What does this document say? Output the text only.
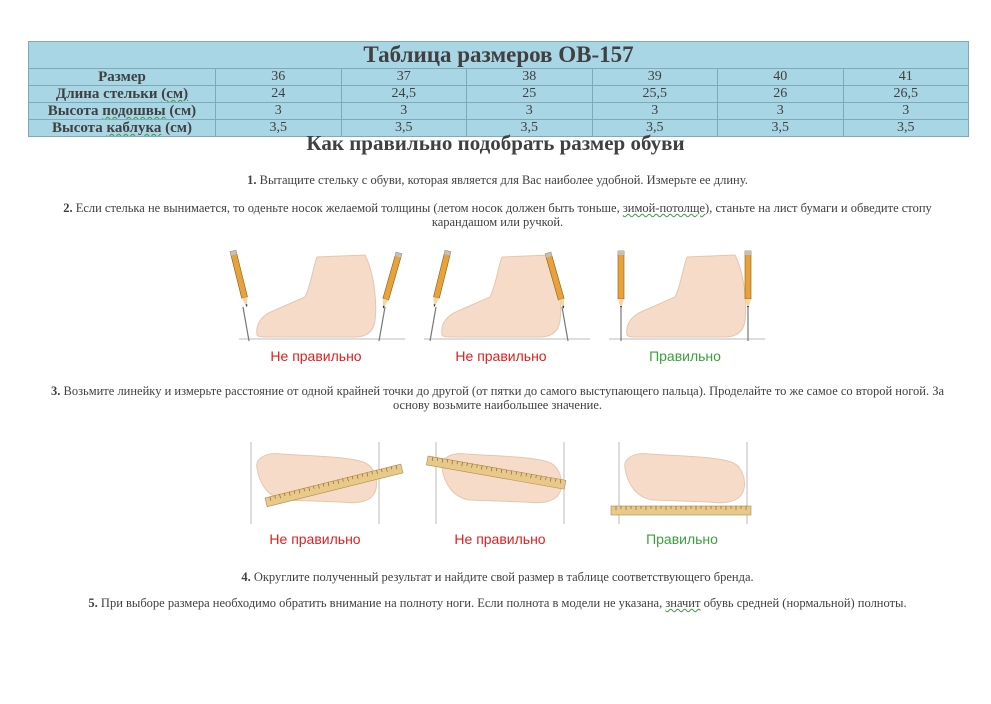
Таблица размеров OB-157						
Размер	36	37	38	39	40	41
Длина стельки (см)	24	24,5	25	25,5	26	26,5
Высота подошвы (см)	3	3	3	3	3	3
Высота каблука (см)	3,5	3,5	3,5	3,5	3,5	3,5
Как правильно подобрать размер обуви
1. Вытащите стельку с обуви, которая является для Вас наиболее удобной. Измерьте ее длину.
2. Если стелька не вынимается, то оденьте носок желаемой толщины (летом носок должен быть тоньше, зимой-потолще), станьте на лист бумаги и обведите стопу карандашом или ручкой.
Не правильно	Не правильно	Правильно
3. Возьмите линейку и измерьте расстояние от одной крайней точки до другой (от пятки до самого выступающего пальца). Проделайте то же самое со второй ногой. За основу возьмите наибольшее значение.
Не правильно	Не правильно	Правильно
4. Округлите полученный результат и найдите свой размер в таблице соответствующего бренда.
5. При выборе размера необходимо обратить внимание на полноту ноги. Если полнота в модели не указана, значит обувь средней (нормальной) полноты.
